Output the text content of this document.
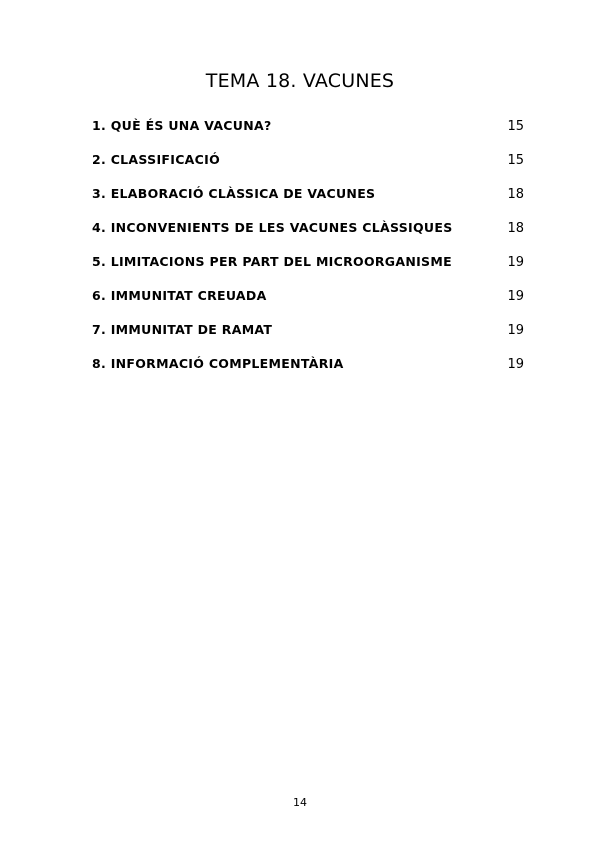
TEMA 18. VACUNES
1. QUÈ ÉS UNA VACUNA?	15
2. CLASSIFICACIÓ	15
3. ELABORACIÓ CLÀSSICA DE VACUNES	18
4. INCONVENIENTS DE LES VACUNES CLÀSSIQUES	18
5. LIMITACIONS PER PART DEL MICROORGANISME	19
6. IMMUNITAT CREUADA	19
7. IMMUNITAT DE RAMAT	19
8. INFORMACIÓ COMPLEMENTÀRIA	19
14
